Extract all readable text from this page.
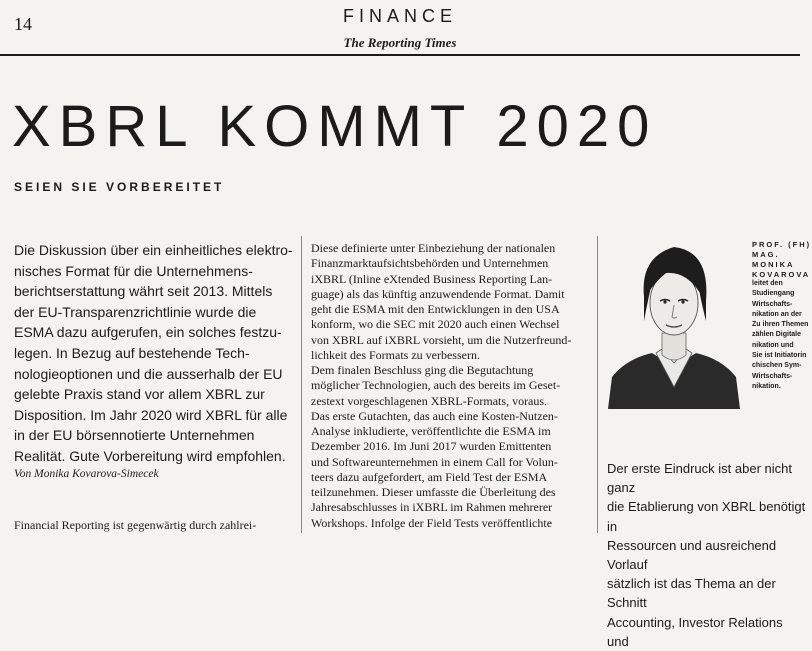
14	FINANCE
The Reporting Times
XBRL KOMMT 2020
SEIEN SIE VORBEREITET

Die Diskussion über ein einheitliches elektro-
nisches Format für die Unternehmens-
berichtserstattung währt seit 2013. Mittels
der EU-Transparenzrichtlinie wurde die
ESMA dazu aufgerufen, ein solches festzu-
legen. In Bezug auf bestehende Tech-
nologieoptionen und die ausserhalb der EU
gelebte Praxis stand vor allem XBRL zur
Disposition. Im Jahr 2020 wird XBRL für alle
in der EU börsennotierte Unternehmen
Realität. Gute Vorbereitung wird empfohlen.

Von Monika Kovarova-Simecek
Financial Reporting ist gegenwärtig durch zahlrei-

Diese definierte unter Einbeziehung der nationalen
Finanzmarktaufsichtsbehörden und Unternehmen
iXBRL (Inline eXtended Business Reporting Lan-
guage) als das künftig anzuwendende Format. Damit
geht die ESMA mit den Entwicklungen in den USA
konform, wo die SEC mit 2020 auch einen Wechsel
von XBRL auf iXBRL vorsieht, um die Nutzerfreund-
lichkeit des Formats zu verbessern.
Dem finalen Beschluss ging die Begutachtung
möglicher Technologien, auch des bereits im Geset-
zestext vorgeschlagenen XBRL-Formats, voraus.
Das erste Gutachten, das auch eine Kosten-Nutzen-
Analyse inkludierte, veröffentlichte die ESMA im
Dezember 2016. Im Juni 2017 wurden Emittenten
und Softwareunternehmen in einem Call for Volun-
teers dazu aufgefordert, am Field Test der ESMA
teilzunehmen. Dieser umfasste die Überleitung des
Jahresabschlusses in iXBRL im Rahmen mehrerer
Workshops. Infolge der Field Tests veröffentlichte

PROF. (FH)
MAG. MONIKA
KOVAROVA
leitet den Studiengang
Wirtschafts-
nikation an der
Zu ihren Themen
zählen Digitale
nikation und
Sie ist Initiatorin
chischen Sym-
Wirtschafts-
nikation.

Der erste Eindruck ist aber nicht ganz
die Etablierung von XBRL benötigt in
Ressourcen und ausreichend Vorlauf
sätzlich ist das Thema an der Schnitt
Accounting, Investor Relations und
